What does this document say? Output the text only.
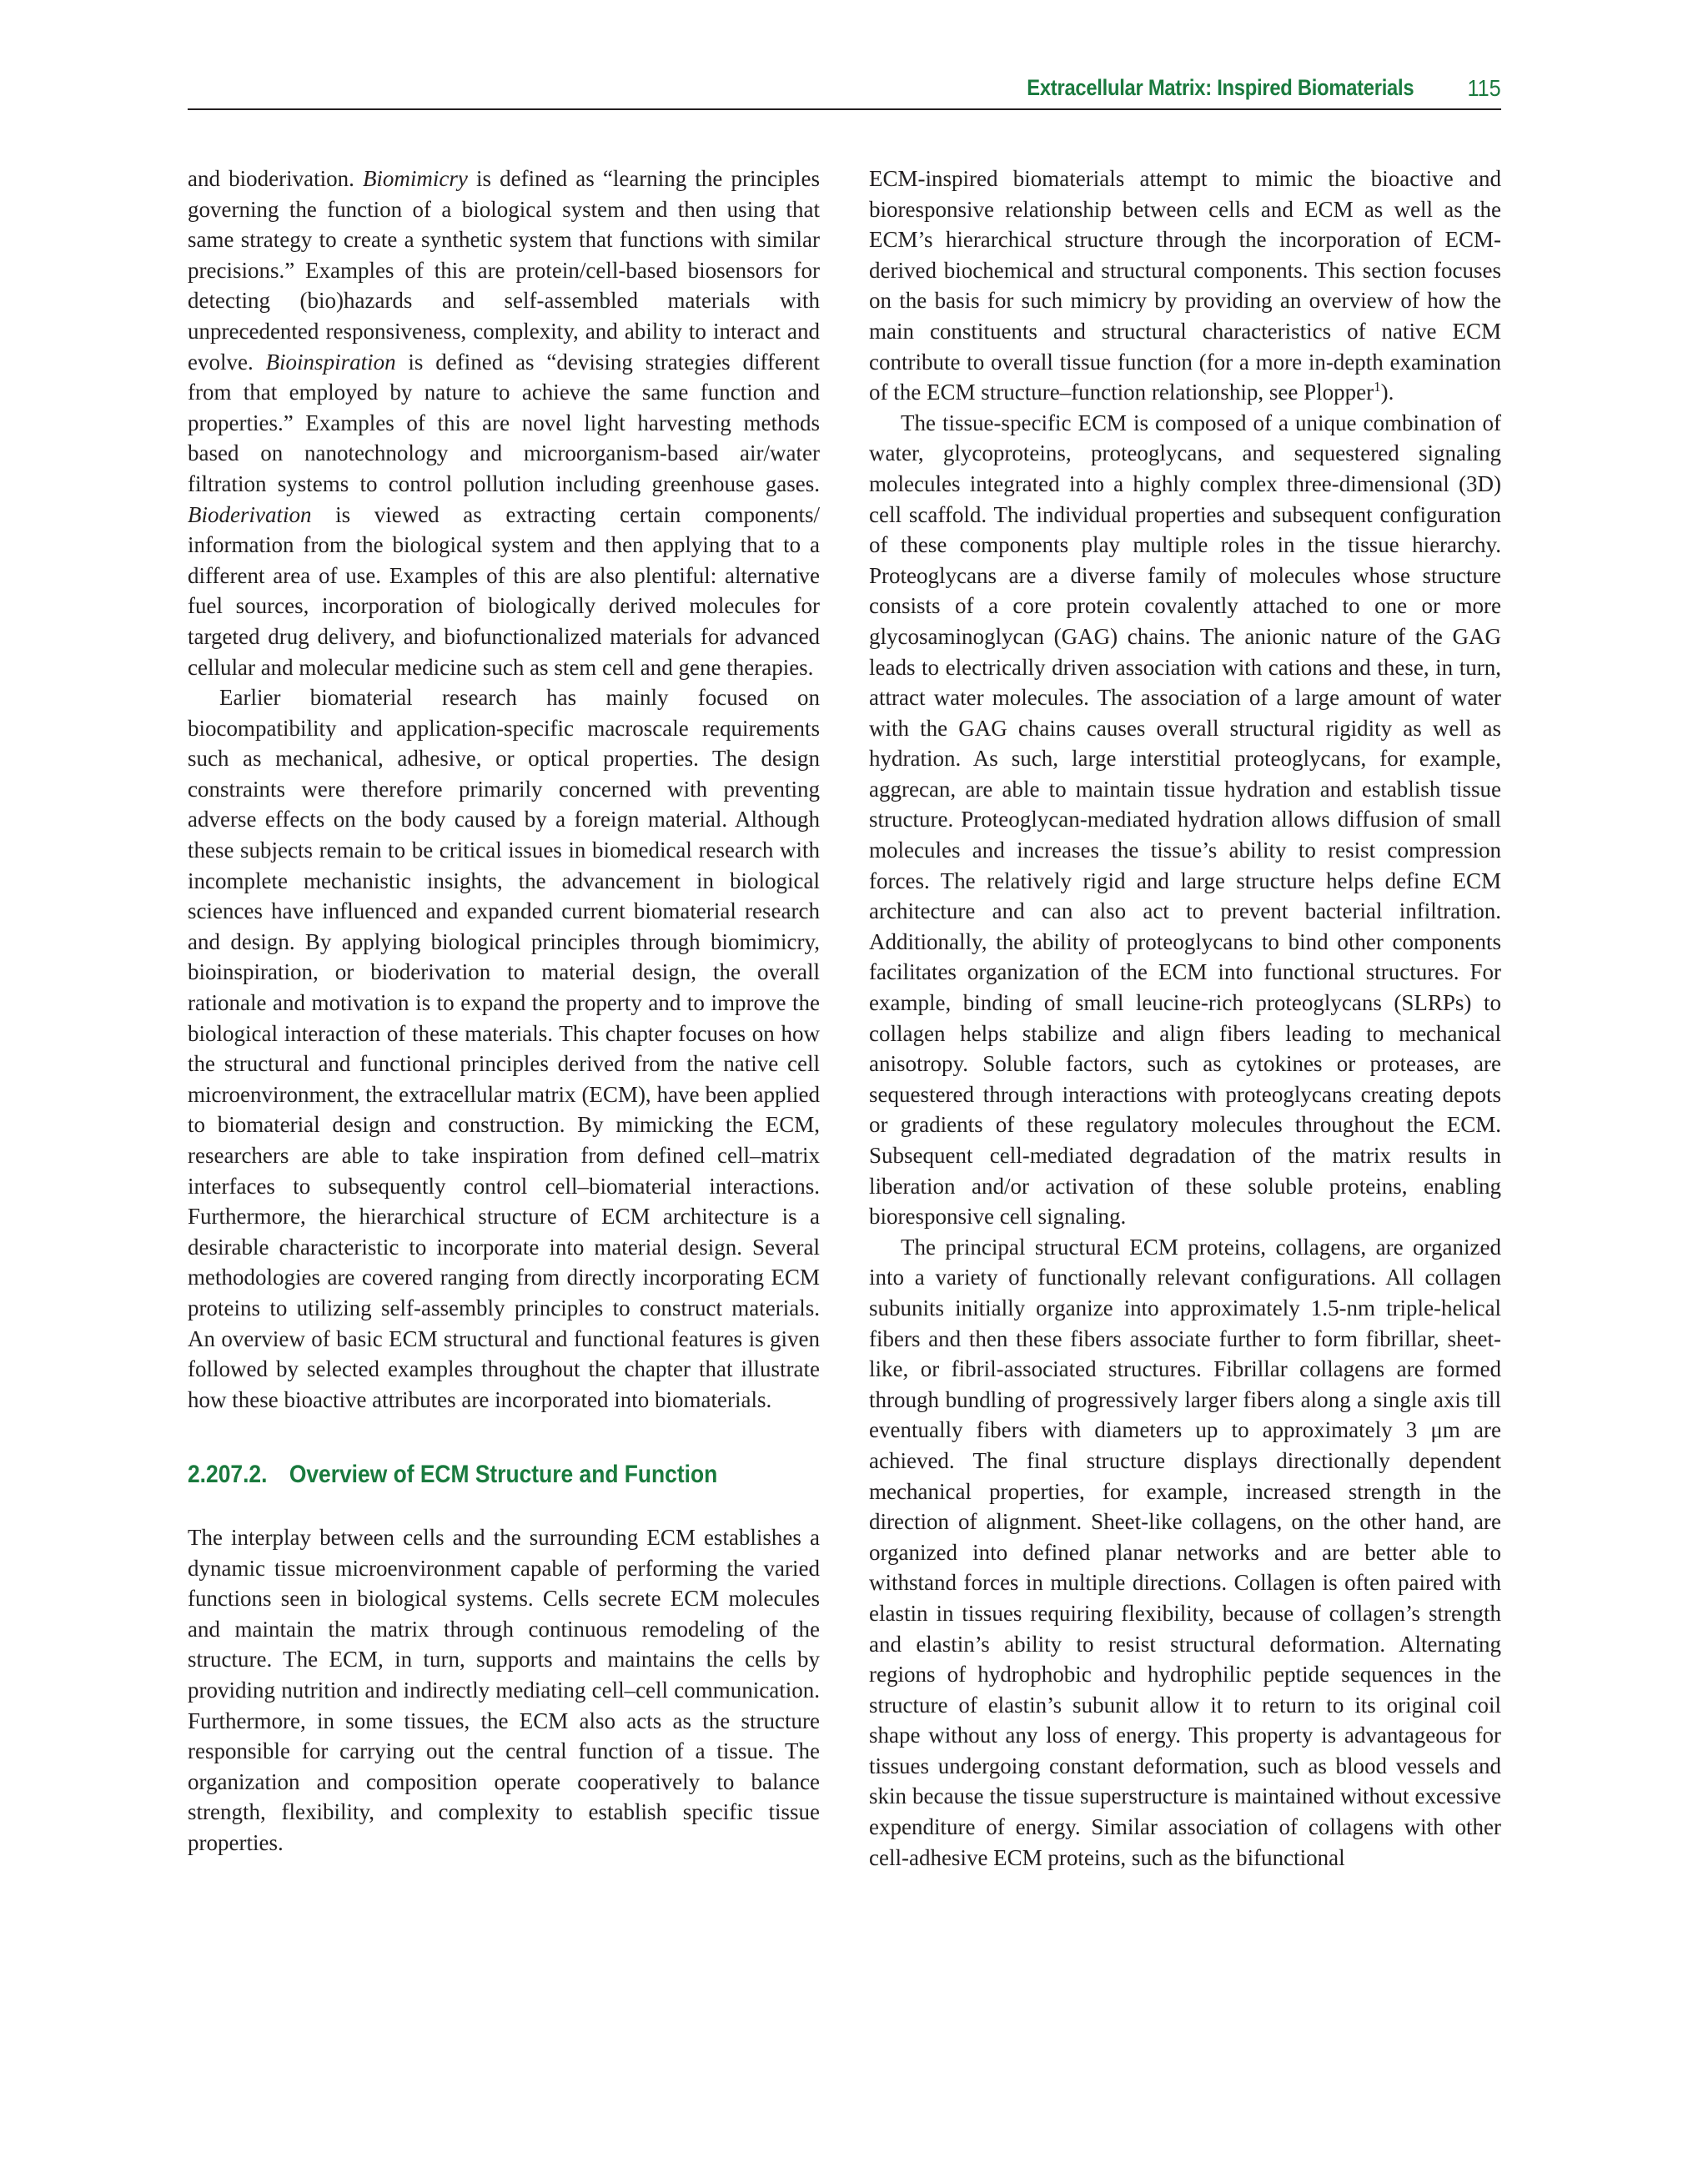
Extracellular Matrix: Inspired Biomaterials 115

and bioderivation. Biomimicry is defined as “learning the principles governing the function of a biological system and then using that same strategy to create a synthetic system that functions with similar precisions.” Examples of this are protein/cell-based biosensors for detecting (bio)hazards and self-assembled materials with unprecedented responsiveness, complexity, and ability to interact and evolve. Bioinspiration is defined as “devising strategies different from that employed by nature to achieve the same function and properties.” Examples of this are novel light harvesting methods based on nanotechnology and microorganism-based air/water filtration systems to control pollution including greenhouse gases. Bioderivation is viewed as extracting certain components/ information from the biological system and then applying that to a different area of use. Examples of this are also plentiful: alternative fuel sources, incorporation of biologically derived molecules for targeted drug delivery, and biofunctionalized materials for advanced cellular and molecular medicine such as stem cell and gene therapies.

Earlier biomaterial research has mainly focused on biocompatibility and application-specific macroscale requirements such as mechanical, adhesive, or optical properties. The design constraints were therefore primarily concerned with preventing adverse effects on the body caused by a foreign material. Although these subjects remain to be critical issues in biomedical research with incomplete mechanistic insights, the advancement in biological sciences have influenced and expanded current biomaterial research and design. By applying biological principles through biomimicry, bioinspiration, or bioderivation to material design, the overall rationale and motivation is to expand the property and to improve the biological interaction of these materials. This chapter focuses on how the structural and functional principles derived from the native cell microenvironment, the extracellular matrix (ECM), have been applied to biomaterial design and construction. By mimicking the ECM, researchers are able to take inspiration from defined cell–matrix interfaces to subsequently control cell–biomaterial interactions. Furthermore, the hierarchical structure of ECM architecture is a desirable characteristic to incorporate into material design. Several methodologies are covered ranging from directly incorporating ECM proteins to utilizing self-assembly principles to construct materials. An overview of basic ECM structural and functional features is given followed by selected examples throughout the chapter that illustrate how these bioactive attributes are incorporated into biomaterials.

2.207.2. Overview of ECM Structure and Function

The interplay between cells and the surrounding ECM establishes a dynamic tissue microenvironment capable of performing the varied functions seen in biological systems. Cells secrete ECM molecules and maintain the matrix through continuous remodeling of the structure. The ECM, in turn, supports and maintains the cells by providing nutrition and indirectly mediating cell–cell communication. Furthermore, in some tissues, the ECM also acts as the structure responsible for carrying out the central function of a tissue. The organization and composition operate cooperatively to balance strength, flexibility, and complexity to establish specific tissue properties.

ECM-inspired biomaterials attempt to mimic the bioactive and bioresponsive relationship between cells and ECM as well as the ECM’s hierarchical structure through the incorporation of ECM-derived biochemical and structural components. This section focuses on the basis for such mimicry by providing an overview of how the main constituents and structural characteristics of native ECM contribute to overall tissue function (for a more in-depth examination of the ECM structure–function relationship, see Plopper$^1$).

The tissue-specific ECM is composed of a unique combination of water, glycoproteins, proteoglycans, and sequestered signaling molecules integrated into a highly complex three-dimensional (3D) cell scaffold. The individual properties and subsequent configuration of these components play multiple roles in the tissue hierarchy. Proteoglycans are a diverse family of molecules whose structure consists of a core protein covalently attached to one or more glycosaminoglycan (GAG) chains. The anionic nature of the GAG leads to electrically driven association with cations and these, in turn, attract water molecules. The association of a large amount of water with the GAG chains causes overall structural rigidity as well as hydration. As such, large interstitial proteoglycans, for example, aggrecan, are able to maintain tissue hydration and establish tissue structure. Proteoglycan-mediated hydration allows diffusion of small molecules and increases the tissue’s ability to resist compression forces. The relatively rigid and large structure helps define ECM architecture and can also act to prevent bacterial infiltration. Additionally, the ability of proteoglycans to bind other components facilitates organization of the ECM into functional structures. For example, binding of small leucine-rich proteoglycans (SLRPs) to collagen helps stabilize and align fibers leading to mechanical anisotropy. Soluble factors, such as cytokines or proteases, are sequestered through interactions with proteoglycans creating depots or gradients of these regulatory molecules throughout the ECM. Subsequent cell-mediated degradation of the matrix results in liberation and/or activation of these soluble proteins, enabling bioresponsive cell signaling.

The principal structural ECM proteins, collagens, are organized into a variety of functionally relevant configurations. All collagen subunits initially organize into approximately 1.5-nm triple-helical fibers and then these fibers associate further to form fibrillar, sheet-like, or fibril-associated structures. Fibrillar collagens are formed through bundling of progressively larger fibers along a single axis till eventually fibers with diameters up to approximately 3 μm are achieved. The final structure displays directionally dependent mechanical properties, for example, increased strength in the direction of alignment. Sheet-like collagens, on the other hand, are organized into defined planar networks and are better able to withstand forces in multiple directions. Collagen is often paired with elastin in tissues requiring flexibility, because of collagen’s strength and elastin’s ability to resist structural deformation. Alternating regions of hydrophobic and hydrophilic peptide sequences in the structure of elastin’s subunit allow it to return to its original coil shape without any loss of energy. This property is advantageous for tissues undergoing constant deformation, such as blood vessels and skin because the tissue superstructure is maintained without excessive expenditure of energy. Similar association of collagens with other cell-adhesive ECM proteins, such as the bifunctional
